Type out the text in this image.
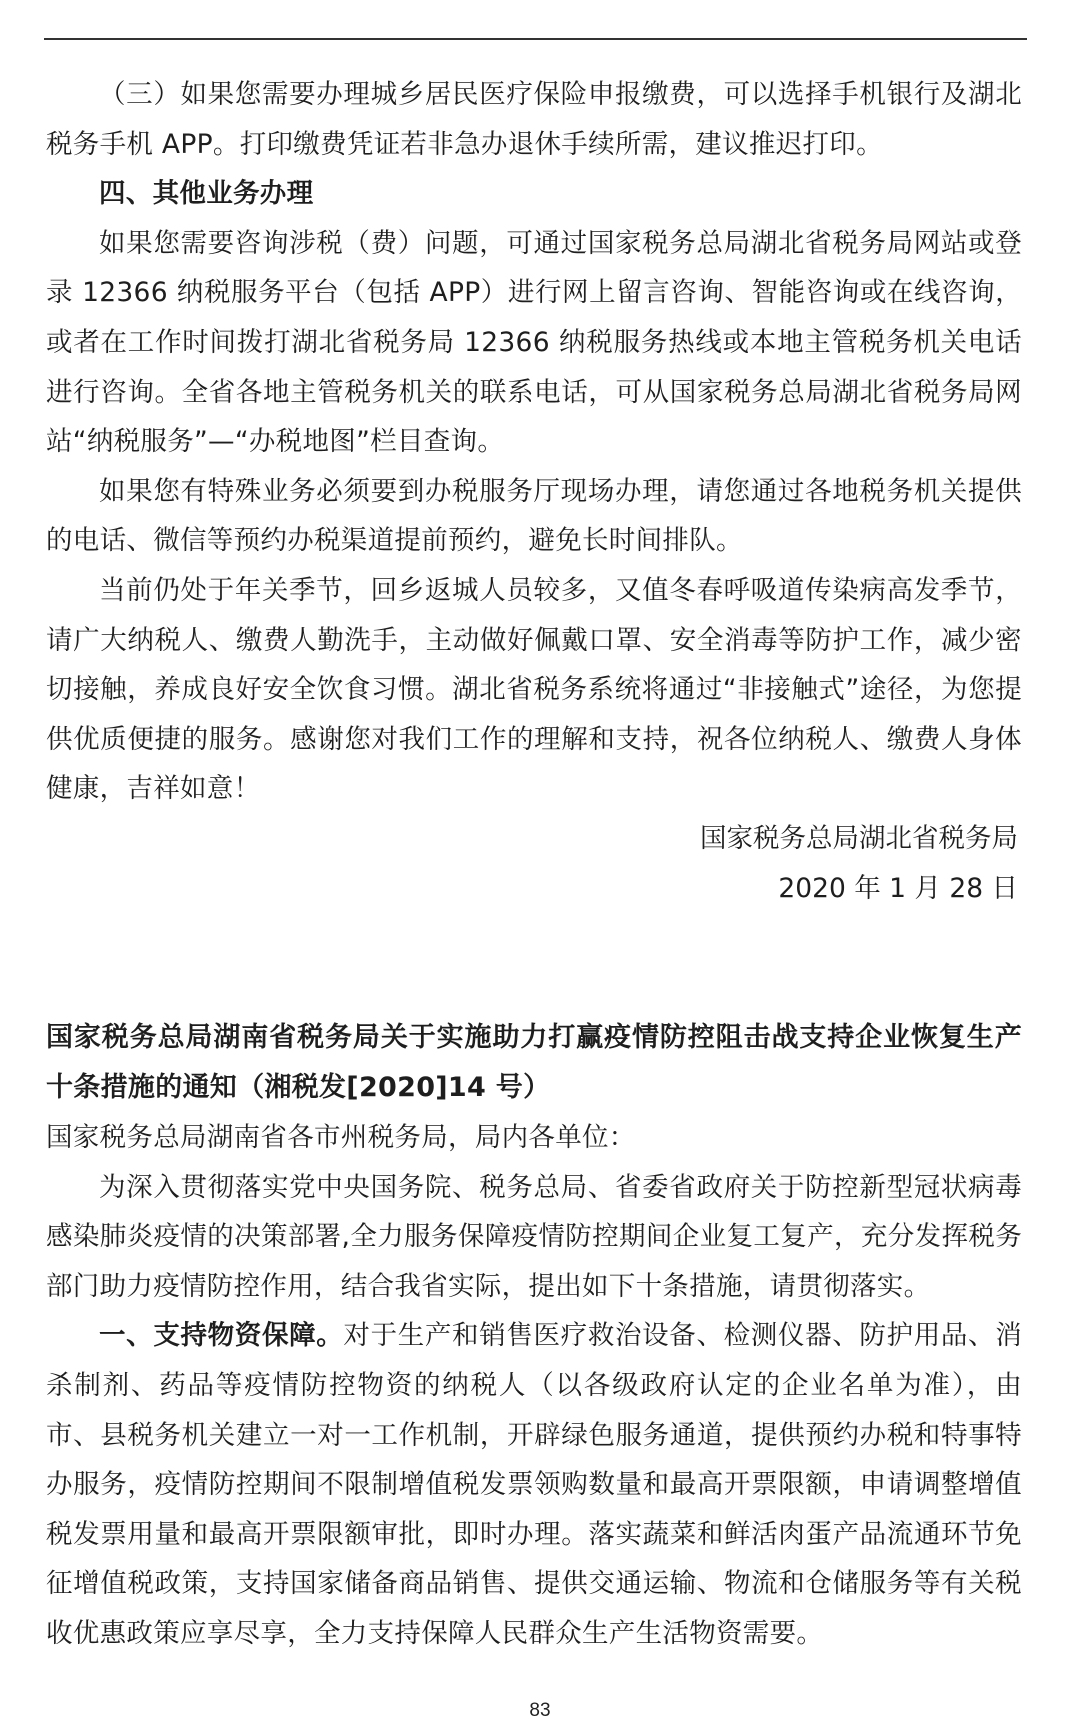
（三）如果您需要办理城乡居民医疗保险申报缴费，可以选择手机银行及湖北税务手机 APP。打印缴费凭证若非急办退休手续所需，建议推迟打印。

四、其他业务办理

如果您需要咨询涉税（费）问题，可通过国家税务总局湖北省税务局网站或登录 12366 纳税服务平台（包括 APP）进行网上留言咨询、智能咨询或在线咨询，或者在工作时间拨打湖北省税务局 12366 纳税服务热线或本地主管税务机关电话进行咨询。全省各地主管税务机关的联系电话，可从国家税务总局湖北省税务局网站“纳税服务”—“办税地图”栏目查询。

如果您有特殊业务必须要到办税服务厅现场办理，请您通过各地税务机关提供的电话、微信等预约办税渠道提前预约，避免长时间排队。

当前仍处于年关季节，回乡返城人员较多，又值冬春呼吸道传染病高发季节，请广大纳税人、缴费人勤洗手，主动做好佩戴口罩、安全消毒等防护工作，减少密切接触，养成良好安全饮食习惯。湖北省税务系统将通过“非接触式”途径，为您提供优质便捷的服务。感谢您对我们工作的理解和支持，祝各位纳税人、缴费人身体健康，吉祥如意！

国家税务总局湖北省税务局

2020 年 1 月 28 日

国家税务总局湖南省税务局关于实施助力打赢疫情防控阻击战支持企业恢复生产十条措施的通知（湘税发[2020]14 号）

国家税务总局湖南省各市州税务局，局内各单位：

为深入贯彻落实党中央国务院、税务总局、省委省政府关于防控新型冠状病毒感染肺炎疫情的决策部署,全力服务保障疫情防控期间企业复工复产，充分发挥税务部门助力疫情防控作用，结合我省实际，提出如下十条措施，请贯彻落实。

一、支持物资保障。对于生产和销售医疗救治设备、检测仪器、防护用品、消杀制剂、药品等疫情防控物资的纳税人（以各级政府认定的企业名单为准），由市、县税务机关建立一对一工作机制，开辟绿色服务通道，提供预约办税和特事特办服务，疫情防控期间不限制增值税发票领购数量和最高开票限额，申请调整增值税发票用量和最高开票限额审批，即时办理。落实蔬菜和鲜活肉蛋产品流通环节免征增值税政策，支持国家储备商品销售、提供交通运输、物流和仓储服务等有关税收优惠政策应享尽享，全力支持保障人民群众生产生活物资需要。

83
